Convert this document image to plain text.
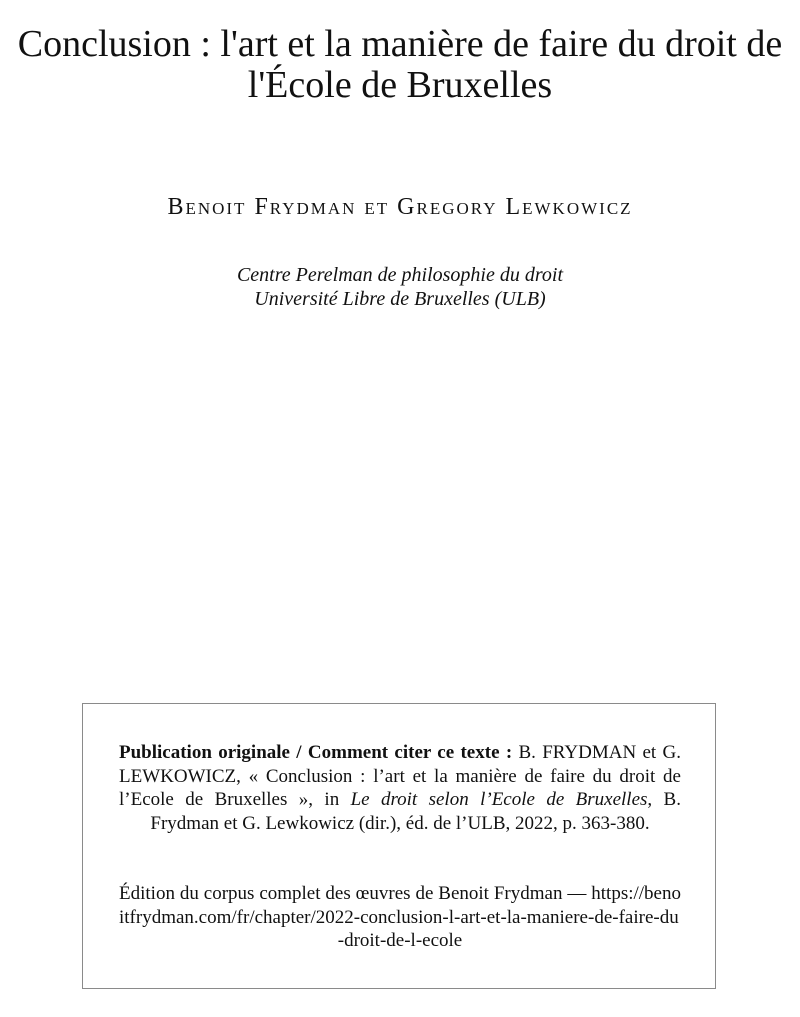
Conclusion : l'art et la manière de faire du droit de l'École de Bruxelles

Benoit Frydman et Gregory Lewkowicz

Centre Perelman de philosophie du droit
Université Libre de Bruxelles (ULB)

Publication originale / Comment citer ce texte : B. FRYDMAN et G. LEWKOWICZ, « Conclusion : l’art et la manière de faire du droit de l’Ecole de Bruxelles », in Le droit selon l’Ecole de Bruxelles, B. Frydman et G. Lewkowicz (dir.), éd. de l’ULB, 2022, p. 363-380.

Édition du corpus complet des œuvres de Benoit Frydman — https://benoitfrydman.com/fr/chapter/2022-conclusion-l-art-et-la-maniere-de-faire-du-droit-de-l-ecole
